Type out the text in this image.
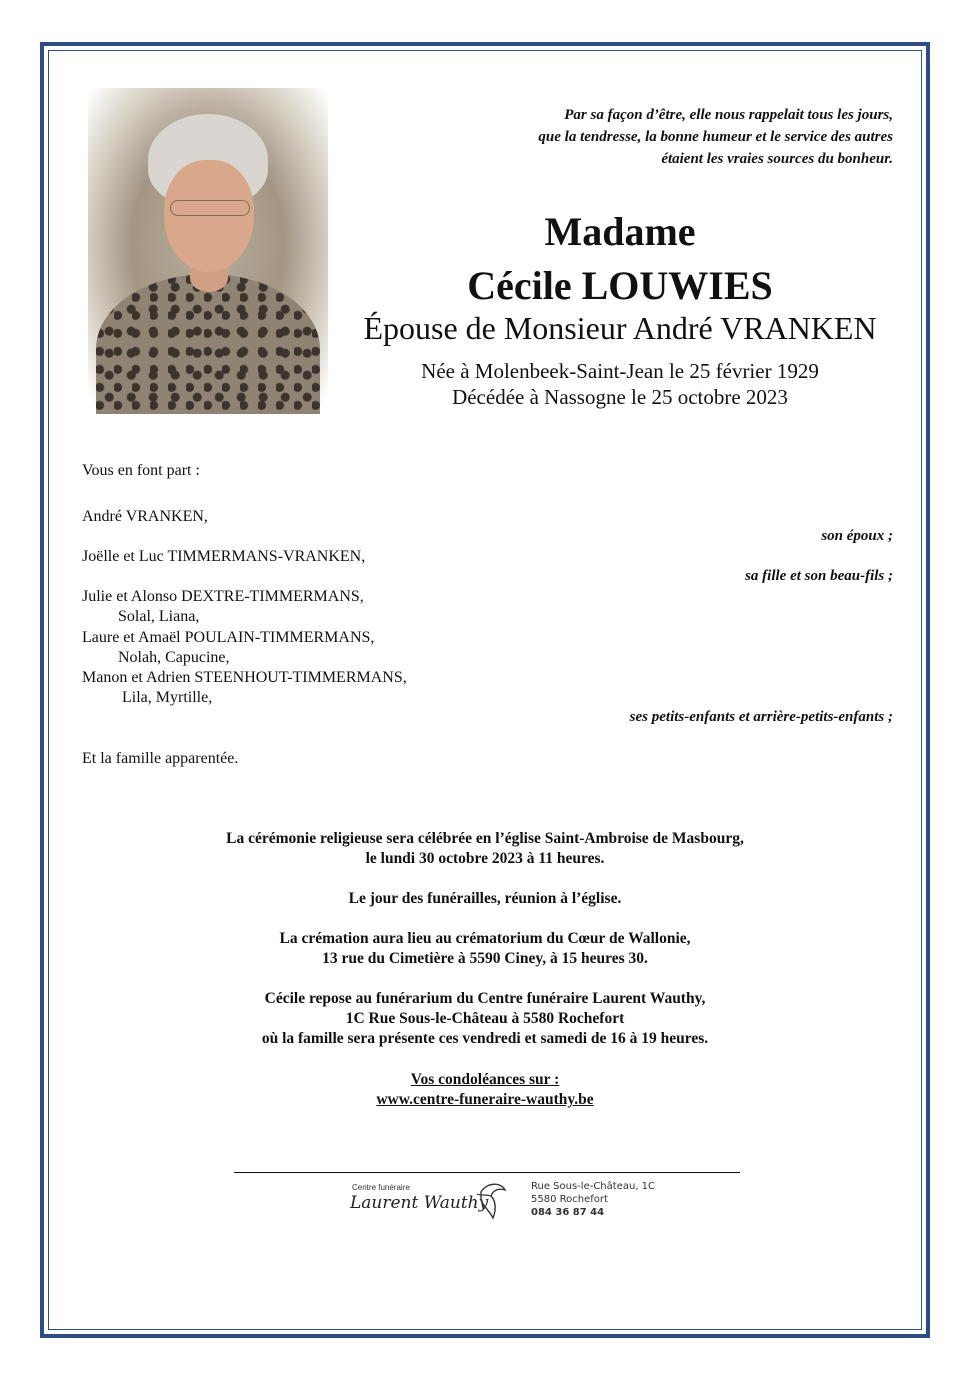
Par sa façon d’être, elle nous rappelait tous les jours,
que la tendresse, la bonne humeur et le service des autres
étaient les vraies sources du bonheur.
Madame
Cécile LOUWIES
Épouse de Monsieur André VRANKEN
Née à Molenbeek-Saint-Jean le 25 février 1929
Décédée à Nassogne le 25 octobre 2023
Vous en font part :
André VRANKEN,
son époux ;
Joëlle et Luc TIMMERMANS-VRANKEN,
sa fille et son beau-fils ;
Julie et Alonso DEXTRE-TIMMERMANS,
Solal, Liana,
Laure et Amaël POULAIN-TIMMERMANS,
Nolah, Capucine,
Manon et Adrien STEENHOUT-TIMMERMANS,
Lila, Myrtille,
ses petits-enfants et arrière-petits-enfants ;
Et la famille apparentée.
La cérémonie religieuse sera célébrée en l’église Saint-Ambroise de Masbourg,
le lundi 30 octobre 2023 à 11 heures.
Le jour des funérailles, réunion à l’église.
La crémation aura lieu au crématorium du Cœur de Wallonie,
13 rue du Cimetière à 5590 Ciney, à 15 heures 30.
Cécile repose au funérarium du Centre funéraire Laurent Wauthy,
1C Rue Sous-le-Château à 5580 Rochefort
où la famille sera présente ces vendredi et samedi de 16 à 19 heures.
Vos condoléances sur :
www.centre-funeraire-wauthy.be
Centre funéraire
Laurent Wauthy
Rue Sous-le-Château, 1C
5580 Rochefort
084 36 87 44
